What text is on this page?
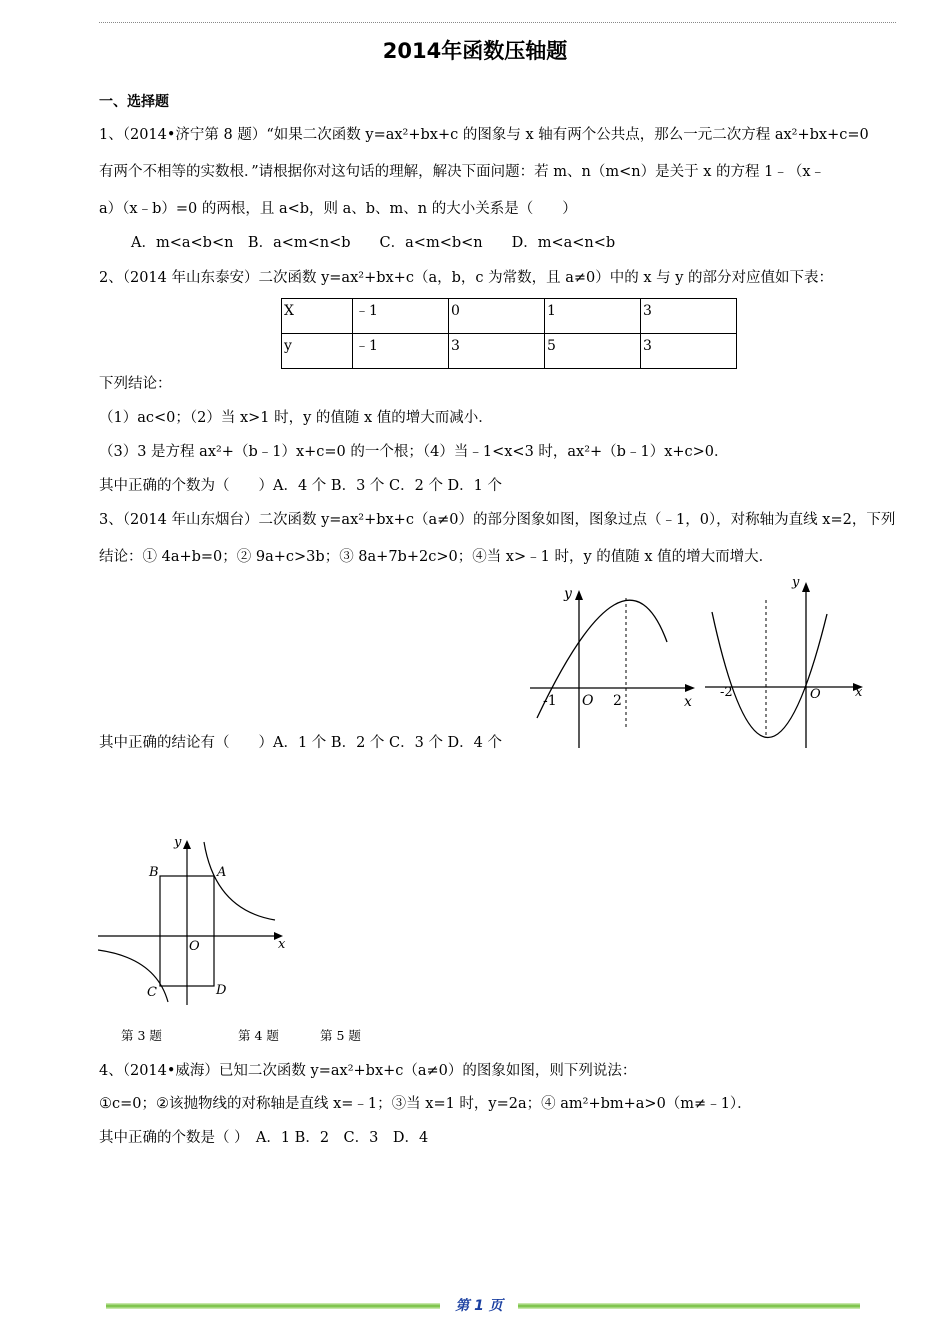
2014年函数压轴题
一、选择题
1、（2014•济宁第 8 题）“如果二次函数 y=ax²+bx+c 的图象与 x 轴有两个公共点，那么一元二次方程 ax²+bx+c=0
有两个不相等的实数根．”请根据你对这句话的理解，解决下面问题：若 m、n（m<n）是关于 x 的方程 1﹣（x﹣
a）（x﹣b）=0 的两根，且 a<b，则 a、b、m、n 的大小关系是（　　）
A．m<a<b<n　B．a<m<n<b　　C．a<m<b<n　　D．m<a<n<b
2、（2014 年山东泰安）二次函数 y=ax²+bx+c（a，b，c 为常数，且 a≠0）中的 x 与 y 的部分对应值如下表：
X	﹣1	0	1	3
y	﹣1	3	5	3
下列结论：
（1）ac<0；（2）当 x>1 时，y 的值随 x 值的增大而减小．
（3）3 是方程 ax²+（b﹣1）x+c=0 的一个根；（4）当﹣1<x<3 时，ax²+（b﹣1）x+c>0．
其中正确的个数为（　　）A．4 个 B．3 个 C．2 个 D．1 个
3、（2014 年山东烟台）二次函数 y=ax²+bx+c（a≠0）的部分图象如图，图象过点（﹣1，0），对称轴为直线 x=2，下列
结论：① 4a+b=0；② 9a+c>3b；③ 8a+7b+2c>0；④当 x>﹣1 时，y 的值随 x 值的增大而增大．
其中正确的结论有（　　）A．1 个 B．2 个 C．3 个 D．4 个
y
x
-1 O 2
y
x
-2	O
y
x
O
A
B
C	D
第 3 题	第 4 题	第 5 题
4、（2014•威海）已知二次函数 y=ax²+bx+c（a≠0）的图象如图，则下列说法：
①c=0；②该抛物线的对称轴是直线 x=﹣1；③当 x=1 时，y=2a；④ am²+bm+a>0（m≠﹣1）．
其中正确的个数是（ ）　A．1 B．2　C．3　D．4
第 1 页
